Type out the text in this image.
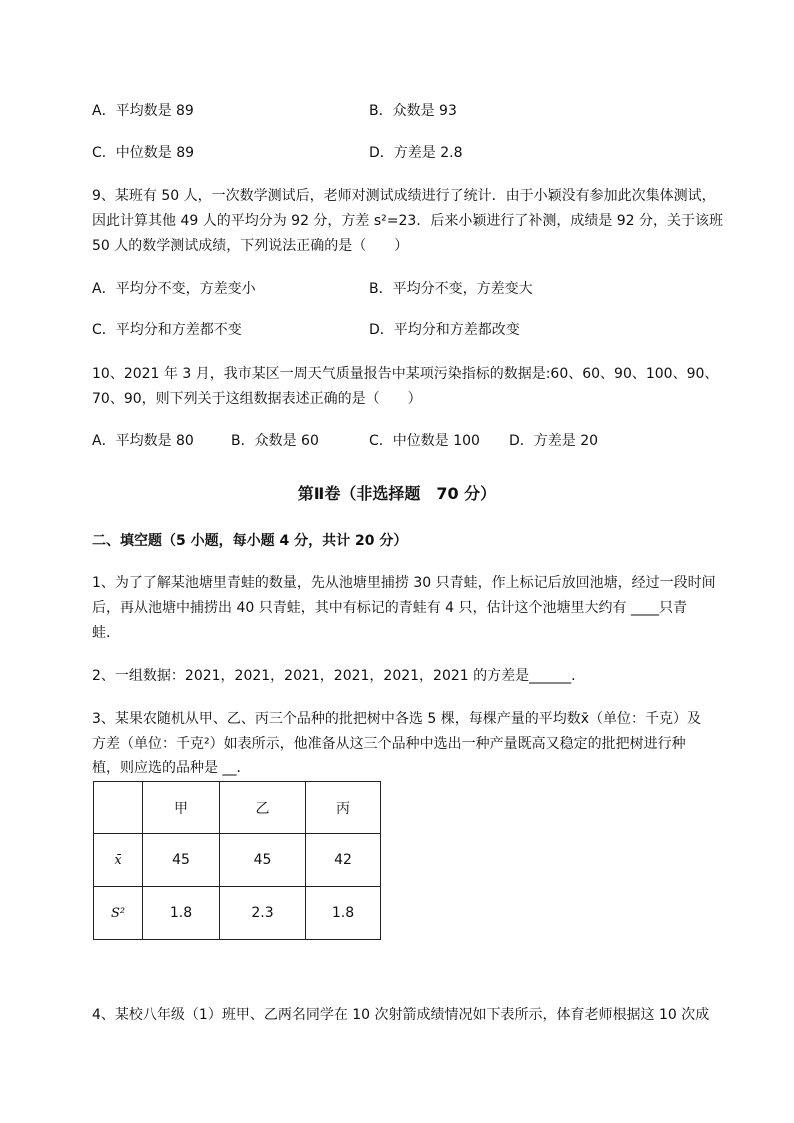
A．平均数是 89	B．众数是 93
C．中位数是 89	D．方差是 2.8
9、某班有 50 人，一次数学测试后，老师对测试成绩进行了统计．由于小颖没有参加此次集体测试，
因此计算其他 49 人的平均分为 92 分，方差 s²=23．后来小颖进行了补测，成绩是 92 分，关于该班
50 人的数学测试成绩，下列说法正确的是（　　）
A．平均分不变，方差变小	B．平均分不变，方差变大
C．平均分和方差都不变	D．平均分和方差都改变
10、2021 年 3 月，我市某区一周天气质量报告中某项污染指标的数据是:60、60、90、100、90、
70、90，则下列关于这组数据表述正确的是（　　）
A．平均数是 80	B．众数是 60	C．中位数是 100 D．方差是 20
第Ⅱ卷（非选择题　70 分）
二、填空题（5 小题，每小题 4 分，共计 20 分）
1、为了了解某池塘里青蛙的数量，先从池塘里捕捞 30 只青蛙，作上标记后放回池塘，经过一段时间
后，再从池塘中捕捞出 40 只青蛙，其中有标记的青蛙有 4 只，估计这个池塘里大约有 ____只青
蛙．
2、一组数据：2021，2021，2021，2021，2021，2021 的方差是______.
3、某果农随机从甲、乙、丙三个品种的批把树中各选 5 棵，每棵产量的平均数x̄（单位：千克）及
方差（单位：千克²）如表所示，他准备从这三个品种中选出一种产量既高又稳定的批把树进行种
植，则应选的品种是 __．
	甲	乙	丙
x̄	45	45	42
S²	1.8	2.3	1.8
4、某校八年级（1）班甲、乙两名同学在 10 次射箭成绩情况如下表所示，体育老师根据这 10 次成
